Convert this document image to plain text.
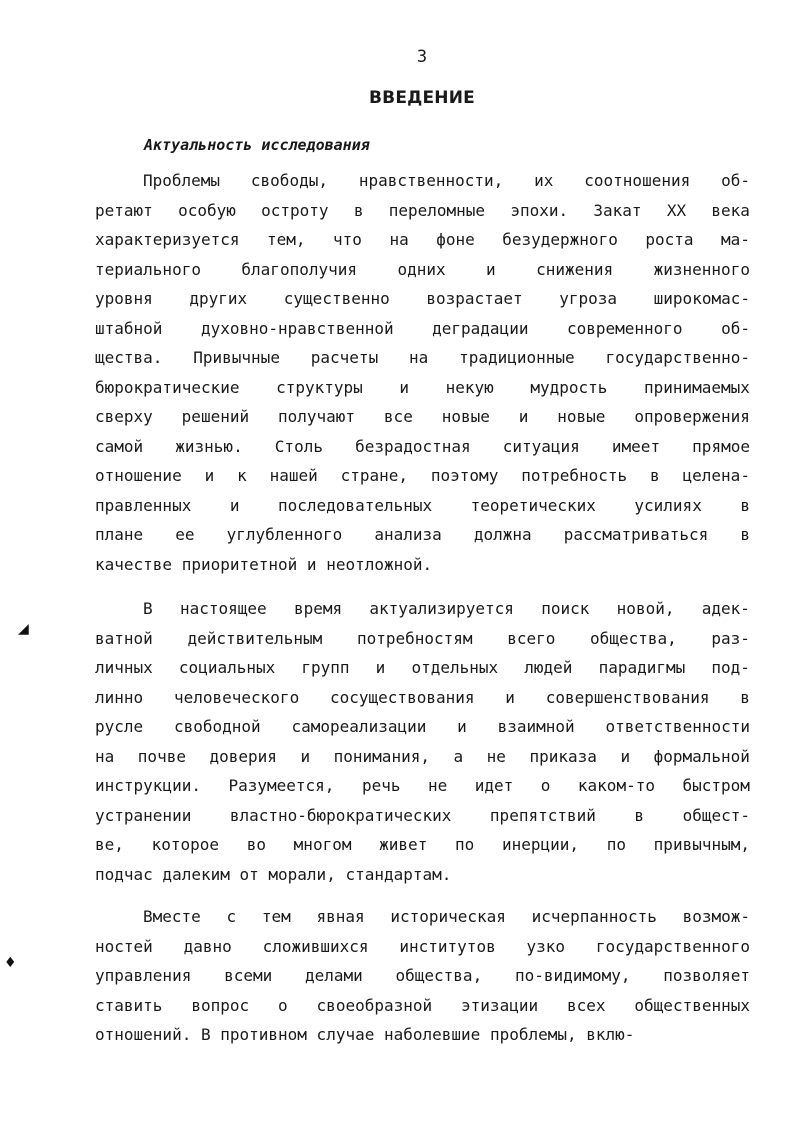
3
ВВЕДЕНИЕ
Актуальность исследования
Проблемы свободы, нравственности, их соотношения об-
ретают особую остроту в переломные эпохи. Закат XX века
характеризуется тем, что на фоне безудержного роста ма-
териального	благополучия	одних	и	снижения	жизненного
уровня других существенно возрастает угроза широкомас-
штабной духовно-нравственной деградации современного об-
щества. Привычные расчеты на традиционные государственно-
бюрократические структуры и некую мудрость принимаемых
сверху решений получают все новые и новые опровержения
самой жизнью. Столь безрадостная ситуация имеет прямое
отношение и к нашей стране, поэтому потребность в целена-
правленных и последовательных теоретических усилиях в
плане ее углубленного анализа должна рассматриваться в
качестве приоритетной и неотложной.
В настоящее время актуализируется поиск новой, адек-
ватной действительным потребностям всего общества, раз-
личных социальных групп и отдельных людей парадигмы под-
линно человеческого сосуществования и совершенствования в
русле свободной самореализации и взаимной ответственности
на почве доверия и понимания, а не приказа и формальной
инструкции. Разумеется, речь не идет о каком-то быстром
устранении властно-бюрократических препятствий в общест-
ве, которое во многом живет по инерции, по привычным,
подчас далеким от морали, стандартам.
Вместе с тем явная историческая исчерпанность возмож-
ностей давно сложившихся институтов узко государственного
управления всеми делами общества, по-видимому, позволяет
ставить вопрос о своеобразной этизации всех общественных
отношений. В противном случае наболевшие проблемы, вклю-
◢
♦
